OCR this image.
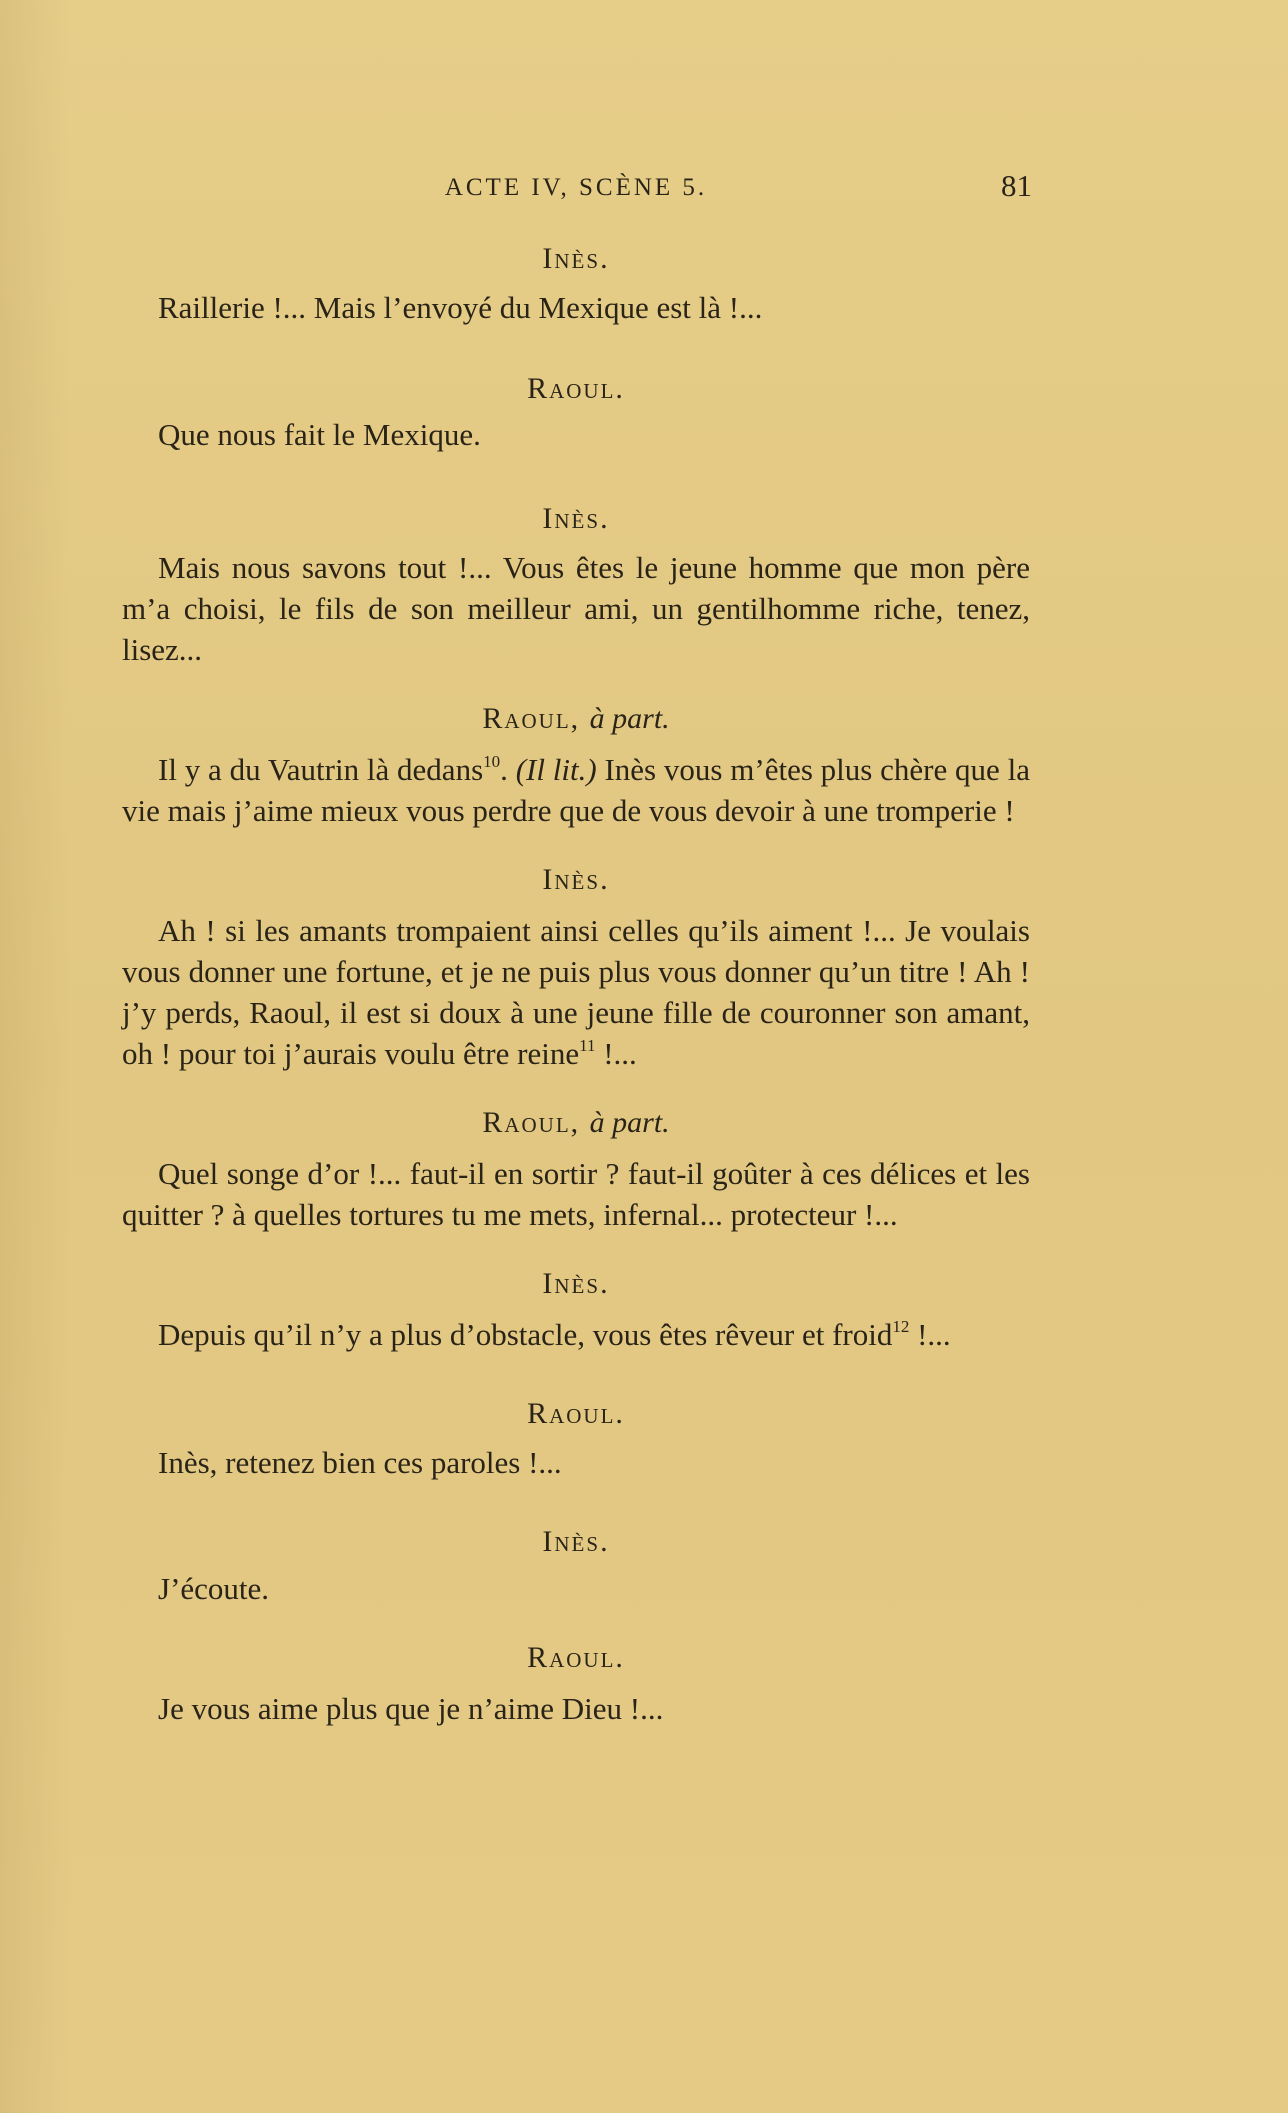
ACTE IV, SCÈNE 5.	81

Inès.

Raillerie !... Mais l’envoyé du Mexique est là !...

Raoul.

Que nous fait le Mexique.

Inès.

Mais nous savons tout !... Vous êtes le jeune homme que mon père m’a choisi, le fils de son meilleur ami, un gentilhomme riche, tenez, lisez...

Raoul, à part.

Il y a du Vautrin là dedans$^{10}$. (Il lit.) Inès vous m’êtes plus chère que la vie mais j’aime mieux vous perdre que de vous devoir à une tromperie !

Inès.

Ah ! si les amants trompaient ainsi celles qu’ils aiment !... Je voulais vous donner une fortune, et je ne puis plus vous donner qu’un titre ! Ah ! j’y perds, Raoul, il est si doux à une jeune fille de couronner son amant, oh ! pour toi j’aurais voulu être reine$^{11}$ !...

Raoul, à part.

Quel songe d’or !... faut-il en sortir ? faut-il goûter à ces délices et les quitter ? à quelles tortures tu me mets, infernal... protecteur !...

Inès.

Depuis qu’il n’y a plus d’obstacle, vous êtes rêveur et froid$^{12}$ !...

Raoul.

Inès, retenez bien ces paroles !...

Inès.

J’écoute.

Raoul.

Je vous aime plus que je n’aime Dieu !...
